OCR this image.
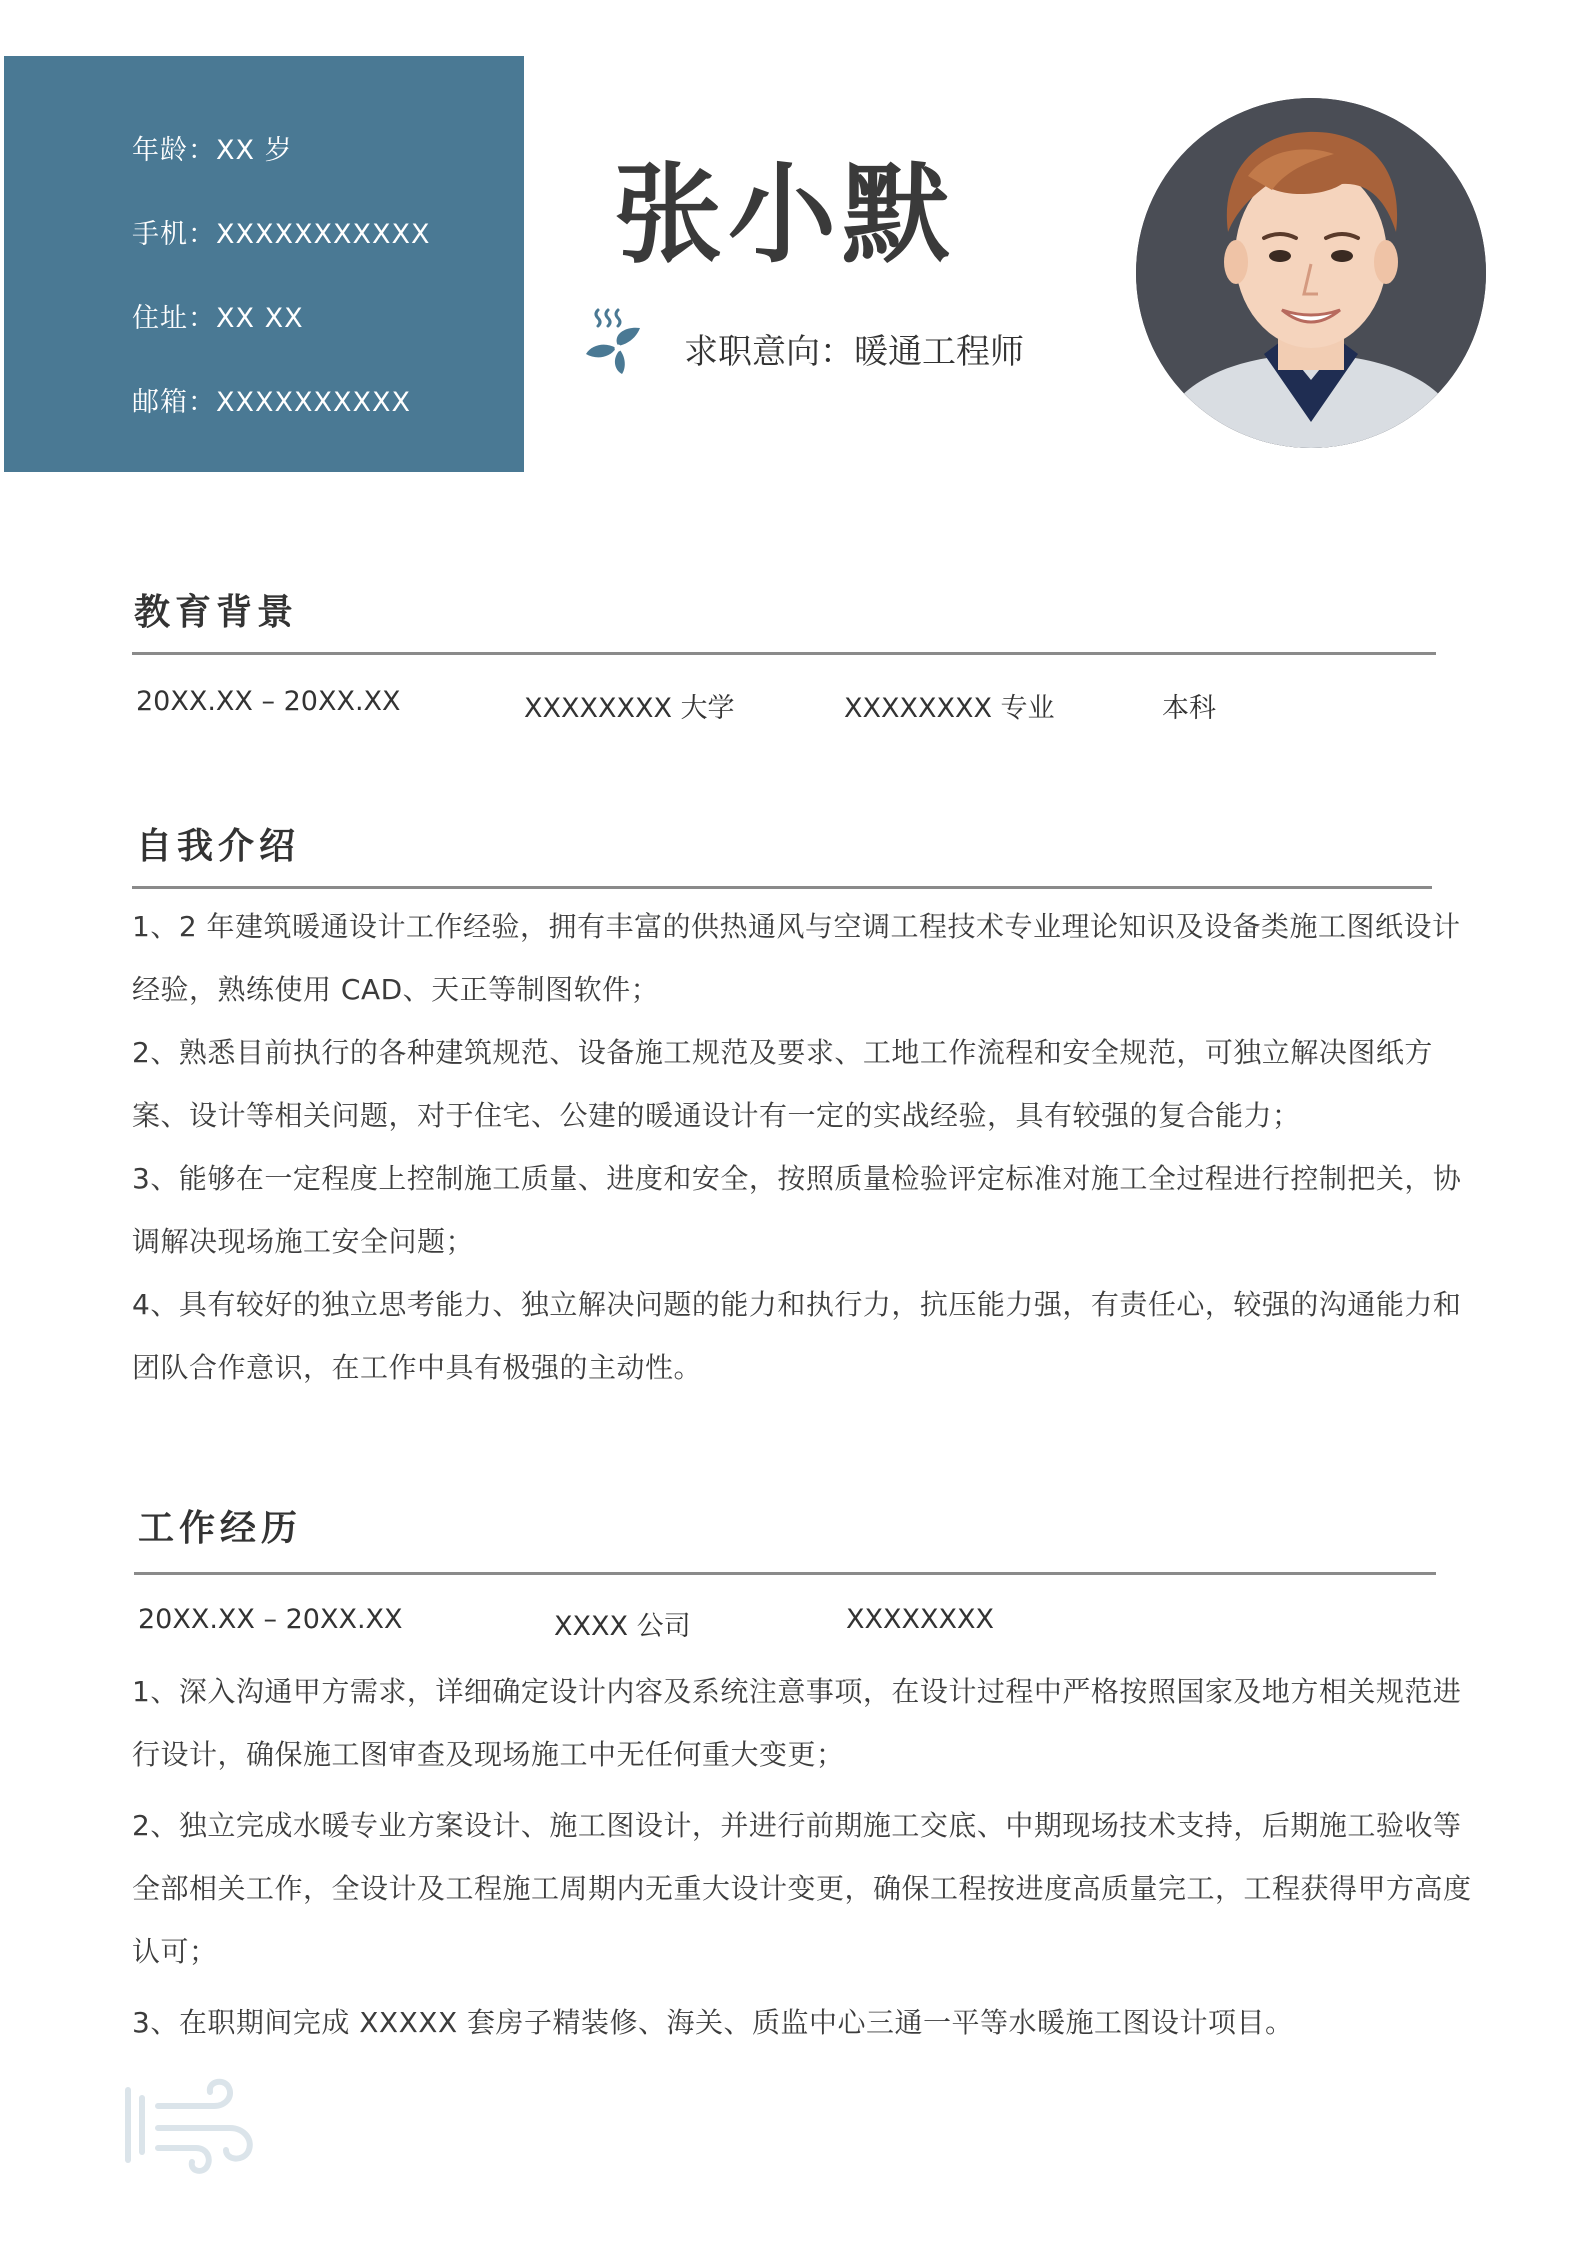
年龄：XX 岁
手机：XXXXXXXXXXX
住址：XX XX
邮箱：XXXXXXXXXX
张小默
求职意向：暖通工程师
教育背景
20XX.XX – 20XX.XX	XXXXXXXX 大学	XXXXXXXX 专业	本科
自我介绍
1、2 年建筑暖通设计工作经验，拥有丰富的供热通风与空调工程技术专业理论知识及设备类施工图纸设计经验，熟练使用 CAD、天正等制图软件；
2、熟悉目前执行的各种建筑规范、设备施工规范及要求、工地工作流程和安全规范，可独立解决图纸方案、设计等相关问题，对于住宅、公建的暖通设计有一定的实战经验，具有较强的复合能力；
3、能够在一定程度上控制施工质量、进度和安全，按照质量检验评定标准对施工全过程进行控制把关，协调解决现场施工安全问题；
4、具有较好的独立思考能力、独立解决问题的能力和执行力，抗压能力强，有责任心，较强的沟通能力和团队合作意识，在工作中具有极强的主动性。
工作经历
20XX.XX – 20XX.XX	XXXX 公司	XXXXXXXX
1、深入沟通甲方需求，详细确定设计内容及系统注意事项，在设计过程中严格按照国家及地方相关规范进行设计，确保施工图审查及现场施工中无任何重大变更；
2、独立完成水暖专业方案设计、施工图设计，并进行前期施工交底、中期现场技术支持，后期施工验收等全部相关工作，全设计及工程施工周期内无重大设计变更，确保工程按进度高质量完工，工程获得甲方高度认可；
3、在职期间完成 XXXXX 套房子精装修、海关、质监中心三通一平等水暖施工图设计项目。
